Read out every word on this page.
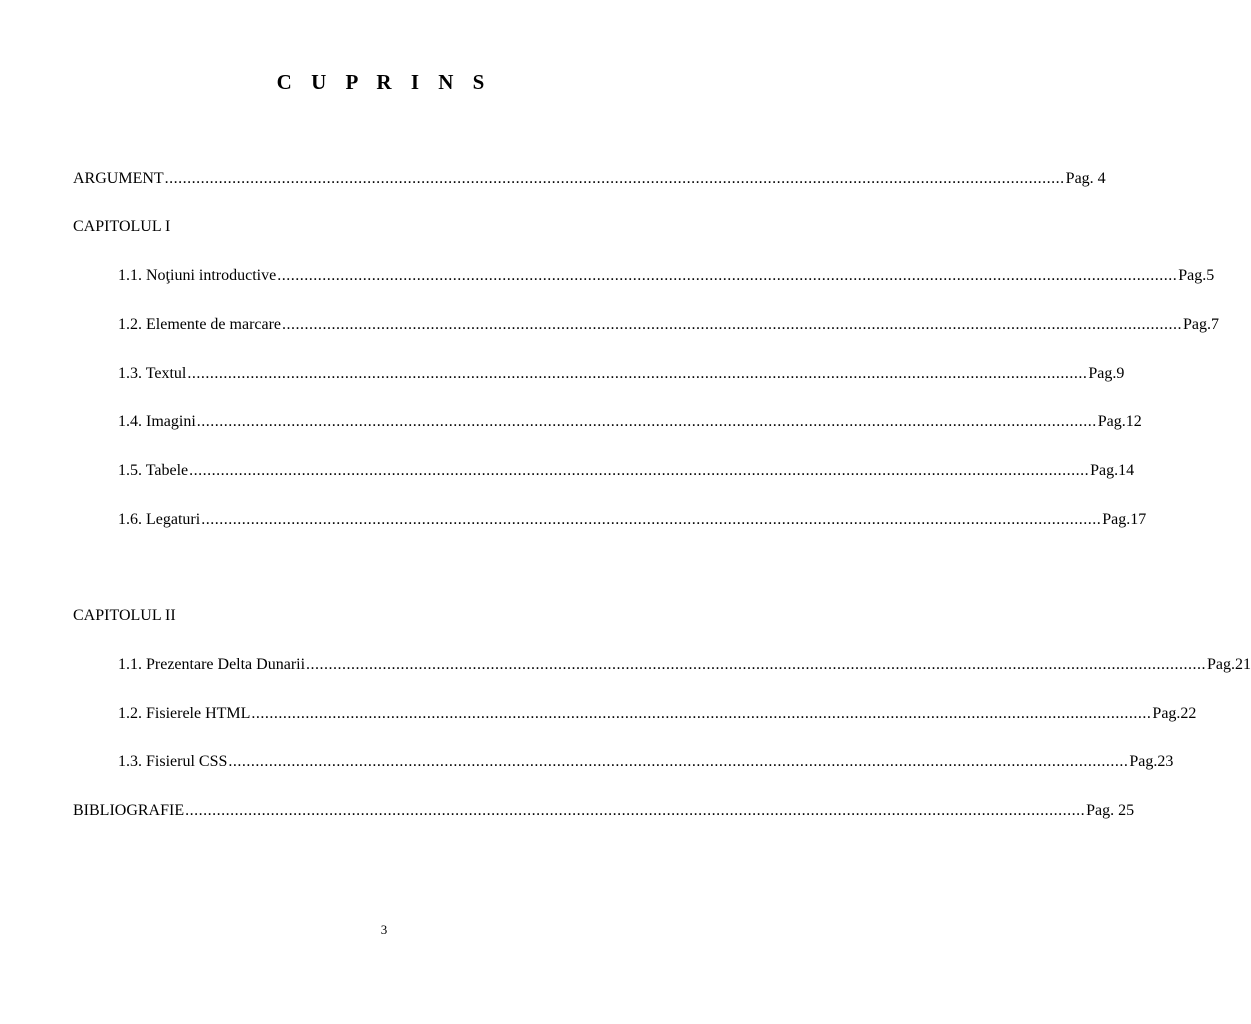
C U P R I N S
ARGUMENT ........................................................................................................................................................................................................ Pag. 4
CAPITOLUL I
1.1. Noţiuni introductive ........................................................................................................................................................................................................ Pag.5
1.2. Elemente de marcare ........................................................................................................................................................................................................ Pag.7
1.3. Textul ........................................................................................................................................................................................................ Pag.9
1.4. Imagini ........................................................................................................................................................................................................ Pag.12
1.5. Tabele ........................................................................................................................................................................................................ Pag.14
1.6. Legaturi ........................................................................................................................................................................................................ Pag.17
CAPITOLUL II
1.1. Prezentare Delta Dunarii ........................................................................................................................................................................................................ Pag.21
1.2. Fisierele HTML ........................................................................................................................................................................................................ Pag.22
1.3. Fisierul CSS ........................................................................................................................................................................................................ Pag.23
BIBLIOGRAFIE ........................................................................................................................................................................................................ Pag. 25
3
